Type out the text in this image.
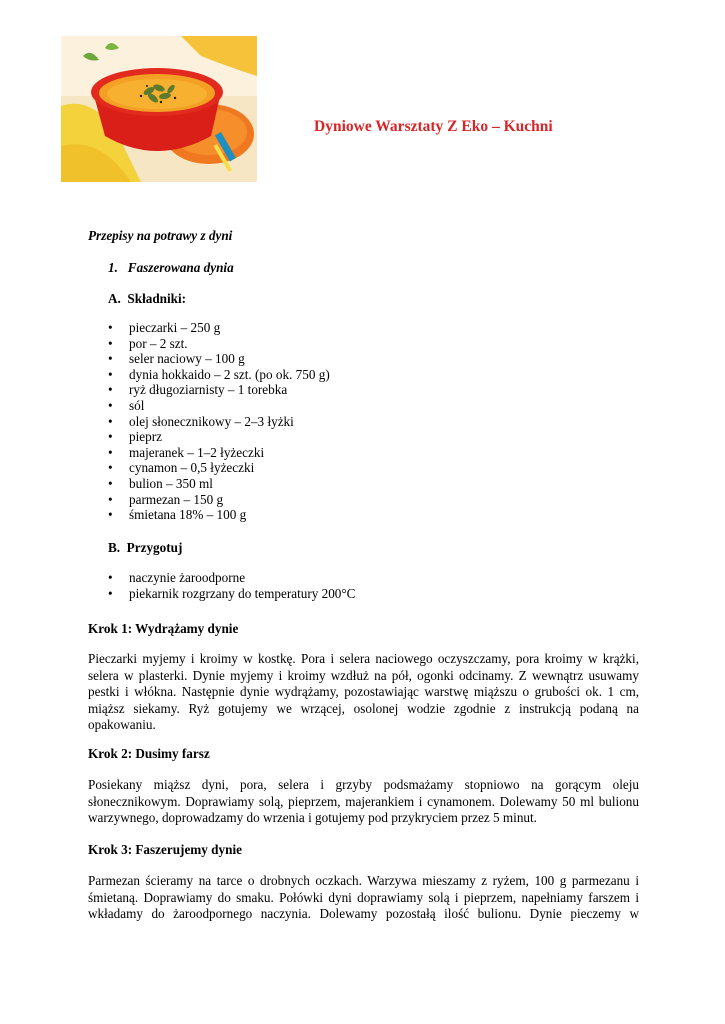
Dyniowe Warsztaty Z Eko – Kuchni
Przepisy na potrawy z dyni
1.   Faszerowana dynia
A.  Składniki:
• pieczarki – 250 g
• por – 2 szt.
• seler naciowy – 100 g
• dynia hokkaido – 2 szt. (po ok. 750 g)
• ryż długoziarnisty – 1 torebka
• sól
• olej słonecznikowy – 2–3 łyżki
• pieprz
• majeranek – 1–2 łyżeczki
• cynamon – 0,5 łyżeczki
• bulion – 350 ml
• parmezan – 150 g
• śmietana 18% – 100 g
B.  Przygotuj
• naczynie żaroodporne
• piekarnik rozgrzany do temperatury 200°C
Krok 1: Wydrążamy dynie
Pieczarki myjemy i kroimy w kostkę. Pora i selera naciowego oczyszczamy, pora kroimy w krążki, selera w plasterki. Dynie myjemy i kroimy wzdłuż na pół, ogonki odcinamy. Z wewnątrz usuwamy pestki i włókna. Następnie dynie wydrążamy, pozostawiając warstwę miąższu o grubości ok. 1 cm, miąższ siekamy. Ryż gotujemy we wrzącej, osolonej wodzie zgodnie z instrukcją podaną na opakowaniu.
Krok 2: Dusimy farsz
Posiekany miąższ dyni, pora, selera i grzyby podsmażamy stopniowo na gorącym oleju słonecznikowym. Doprawiamy solą, pieprzem, majerankiem i cynamonem. Dolewamy 50 ml bulionu warzywnego, doprowadzamy do wrzenia i gotujemy pod przykryciem przez 5 minut.
Krok 3: Faszerujemy dynie
Parmezan ścieramy na tarce o drobnych oczkach. Warzywa mieszamy z ryżem, 100 g parmezanu i śmietaną. Doprawiamy do smaku. Połówki dyni doprawiamy solą i pieprzem, napełniamy farszem i wkładamy do żaroodpornego naczynia. Dolewamy pozostałą ilość bulionu. Dynie pieczemy w
